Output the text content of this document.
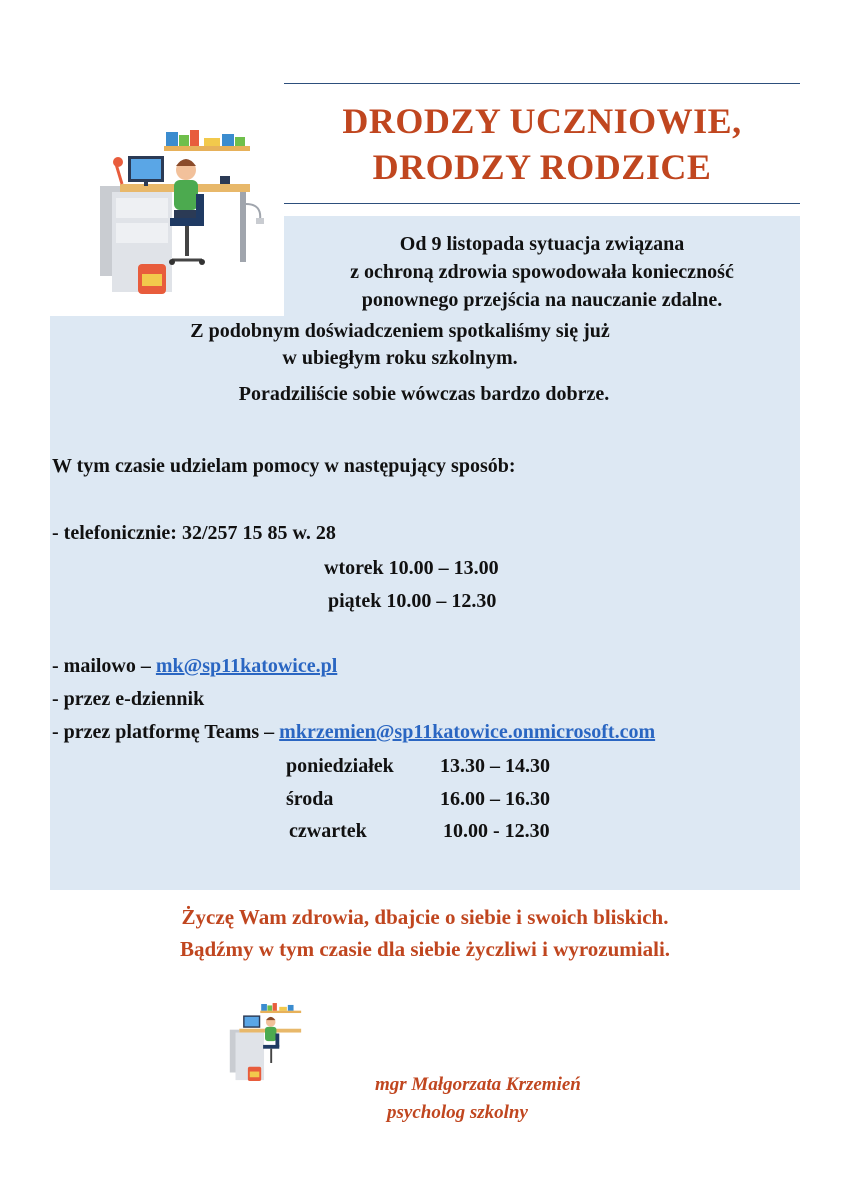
DRODZY UCZNIOWIE,
DRODZY RODZICE
Od 9 listopada sytuacja związana
z ochroną zdrowia spowodowała konieczność
ponownego przejścia na nauczanie zdalne.
Z podobnym doświadczeniem spotkaliśmy się już
w ubiegłym roku szkolnym.
Poradziliście sobie wówczas bardzo dobrze.
W tym czasie udzielam pomocy w następujący sposób:
- telefonicznie: 32/257 15 85 w. 28
wtorek 10.00 – 13.00
piątek 10.00 – 12.30
- mailowo – mk@sp11katowice.pl
- przez e-dziennik
- przez platformę Teams – mkrzemien@sp11katowice.onmicrosoft.com
poniedziałek 13.30 – 14.30
środa	16.00 – 16.30
czwartek	10.00 - 12.30
Życzę Wam zdrowia, dbajcie o siebie i swoich bliskich.
Bądźmy w tym czasie dla siebie życzliwi i wyrozumiali.
mgr Małgorzata Krzemień
psycholog szkolny
